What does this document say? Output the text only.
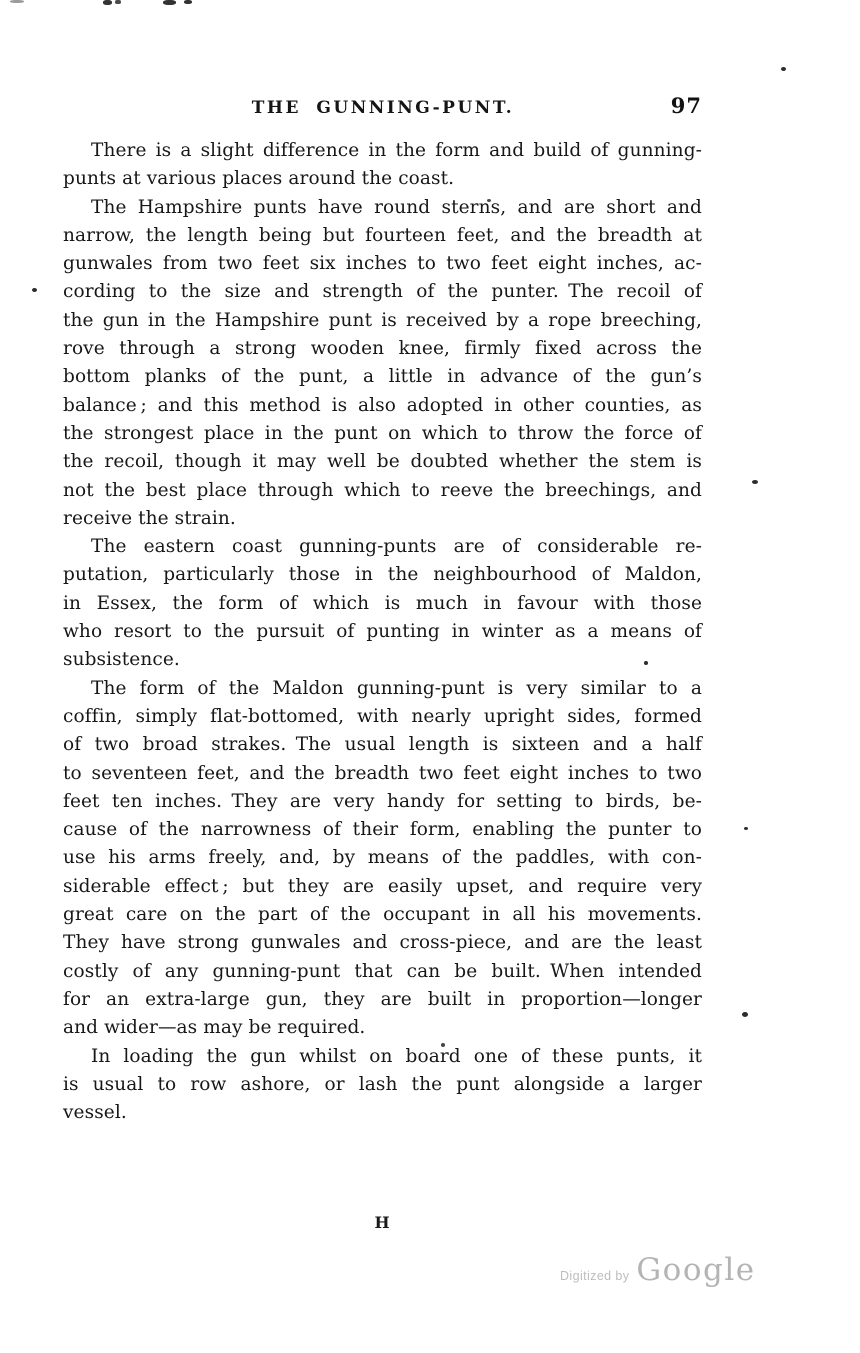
THE GUNNING-PUNT.	97
There is a slight difference in the form and build of gunning-
punts at various places around the coast.
The Hampshire punts have round sterns, and are short and
narrow, the length being but fourteen feet, and the breadth at
gunwales from two feet six inches to two feet eight inches, ac-
cording to the size and strength of the punter. The recoil of
the gun in the Hampshire punt is received by a rope breeching,
rove through a strong wooden knee, firmly fixed across the
bottom planks of the punt, a little in advance of the gun’s
balance ; and this method is also adopted in other counties, as
the strongest place in the punt on which to throw the force of
the recoil, though it may well be doubted whether the stem is
not the best place through which to reeve the breechings, and
receive the strain.
The eastern coast gunning-punts are of considerable re-
putation, particularly those in the neighbourhood of Maldon,
in Essex, the form of which is much in favour with those
who resort to the pursuit of punting in winter as a means of
subsistence.
The form of the Maldon gunning-punt is very similar to a
coffin, simply flat-bottomed, with nearly upright sides, formed
of two broad strakes. The usual length is sixteen and a half
to seventeen feet, and the breadth two feet eight inches to two
feet ten inches. They are very handy for setting to birds, be-
cause of the narrowness of their form, enabling the punter to
use his arms freely, and, by means of the paddles, with con-
siderable effect ; but they are easily upset, and require very
great care on the part of the occupant in all his movements.
They have strong gunwales and cross-piece, and are the least
costly of any gunning-punt that can be built. When intended
for an extra-large gun, they are built in proportion—longer
and wider—as may be required.
In loading the gun whilst on board one of these punts, it
is usual to row ashore, or lash the punt alongside a larger
vessel.
H
Digitized by Google
